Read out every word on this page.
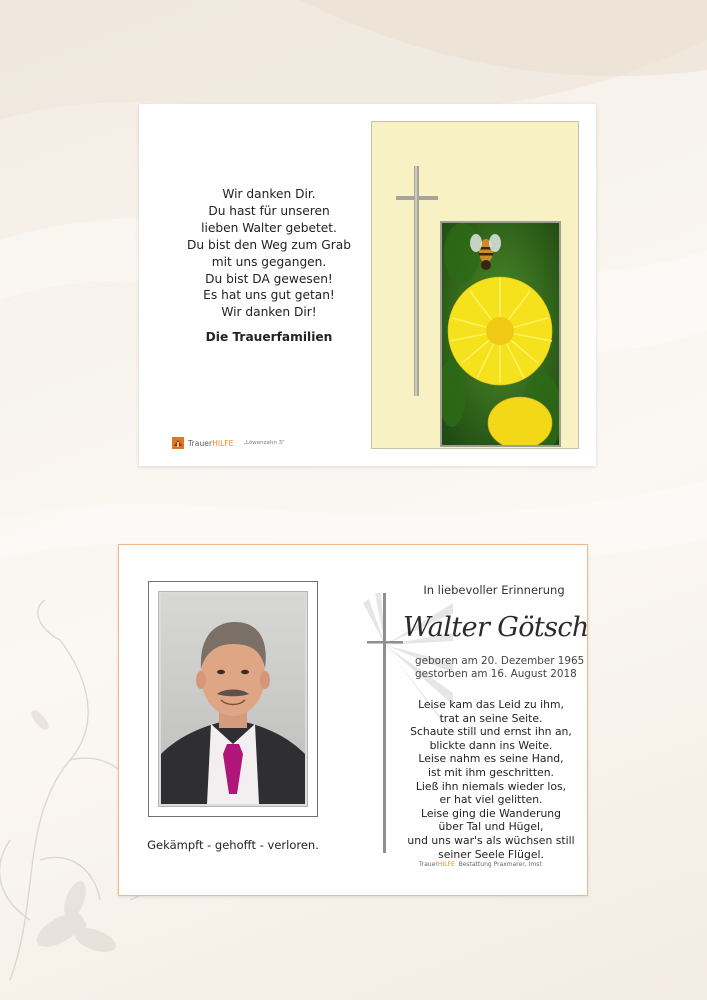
Wir danken Dir.
Du hast für unseren
lieben Walter gebetet.
Du bist den Weg zum Grab
mit uns gegangen.
Du bist DA gewesen!
Es hat uns gut getan!
Wir danken Dir!
Die Trauerfamilien
Trauer HILFE „Löwenzahn 3"
Gekämpft - gehofft - verloren.
In liebevoller Erinnerung
Walter Götsch
geboren am 20. Dezember 1965
gestorben am 16. August 2018
Leise kam das Leid zu ihm,
trat an seine Seite.
Schaute still und ernst ihn an,
blickte dann ins Weite.
Leise nahm es seine Hand,
ist mit ihm geschritten.
Ließ ihn niemals wieder los,
er hat viel gelitten.
Leise ging die Wanderung
über Tal und Hügel,
und uns war's als wüchsen still
seiner Seele Flügel.
TrauerHILFE Bestattung Praxmarer, Imst
